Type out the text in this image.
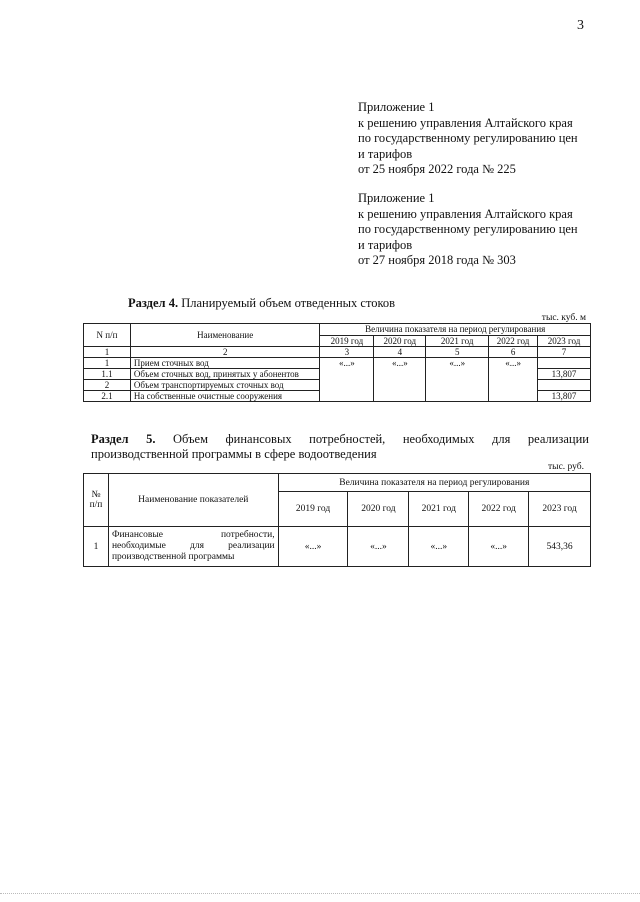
3
Приложение 1
к решению управления Алтайского края
по государственному регулированию цен
и тарифов
от 25 ноября 2022 года № 225
Приложение 1
к решению управления Алтайского края
по государственному регулированию цен
и тарифов
от 27 ноября 2018 года № 303
Раздел 4. Планируемый объем отведенных стоков
тыс. куб. м
N п/п	Наименование	Величина показателя на период регулирования				
		2019 год	2020 год	2021 год	2022 год	2023 год
1	2	3	4	5	6	7
1	Прием сточных вод	«...»	«...»	«...»	«...»	
1.1	Объем сточных вод, принятых у абонентов					13,807
2	Объем транспортируемых сточных вод					
2.1	На собственные очистные сооружения					13,807
Раздел 5. Объем финансовых потребностей, необходимых для реализации
производственной программы в сфере водоотведения
тыс. руб.
№ п/п	Наименование показателей	Величина показателя на период регулирования				
		2019 год	2020 год	2021 год	2022 год	2023 год
1	Финансовые потребности, необходимые для реализации производственной программы	«...»	«...»	«...»	«...»	543,36
